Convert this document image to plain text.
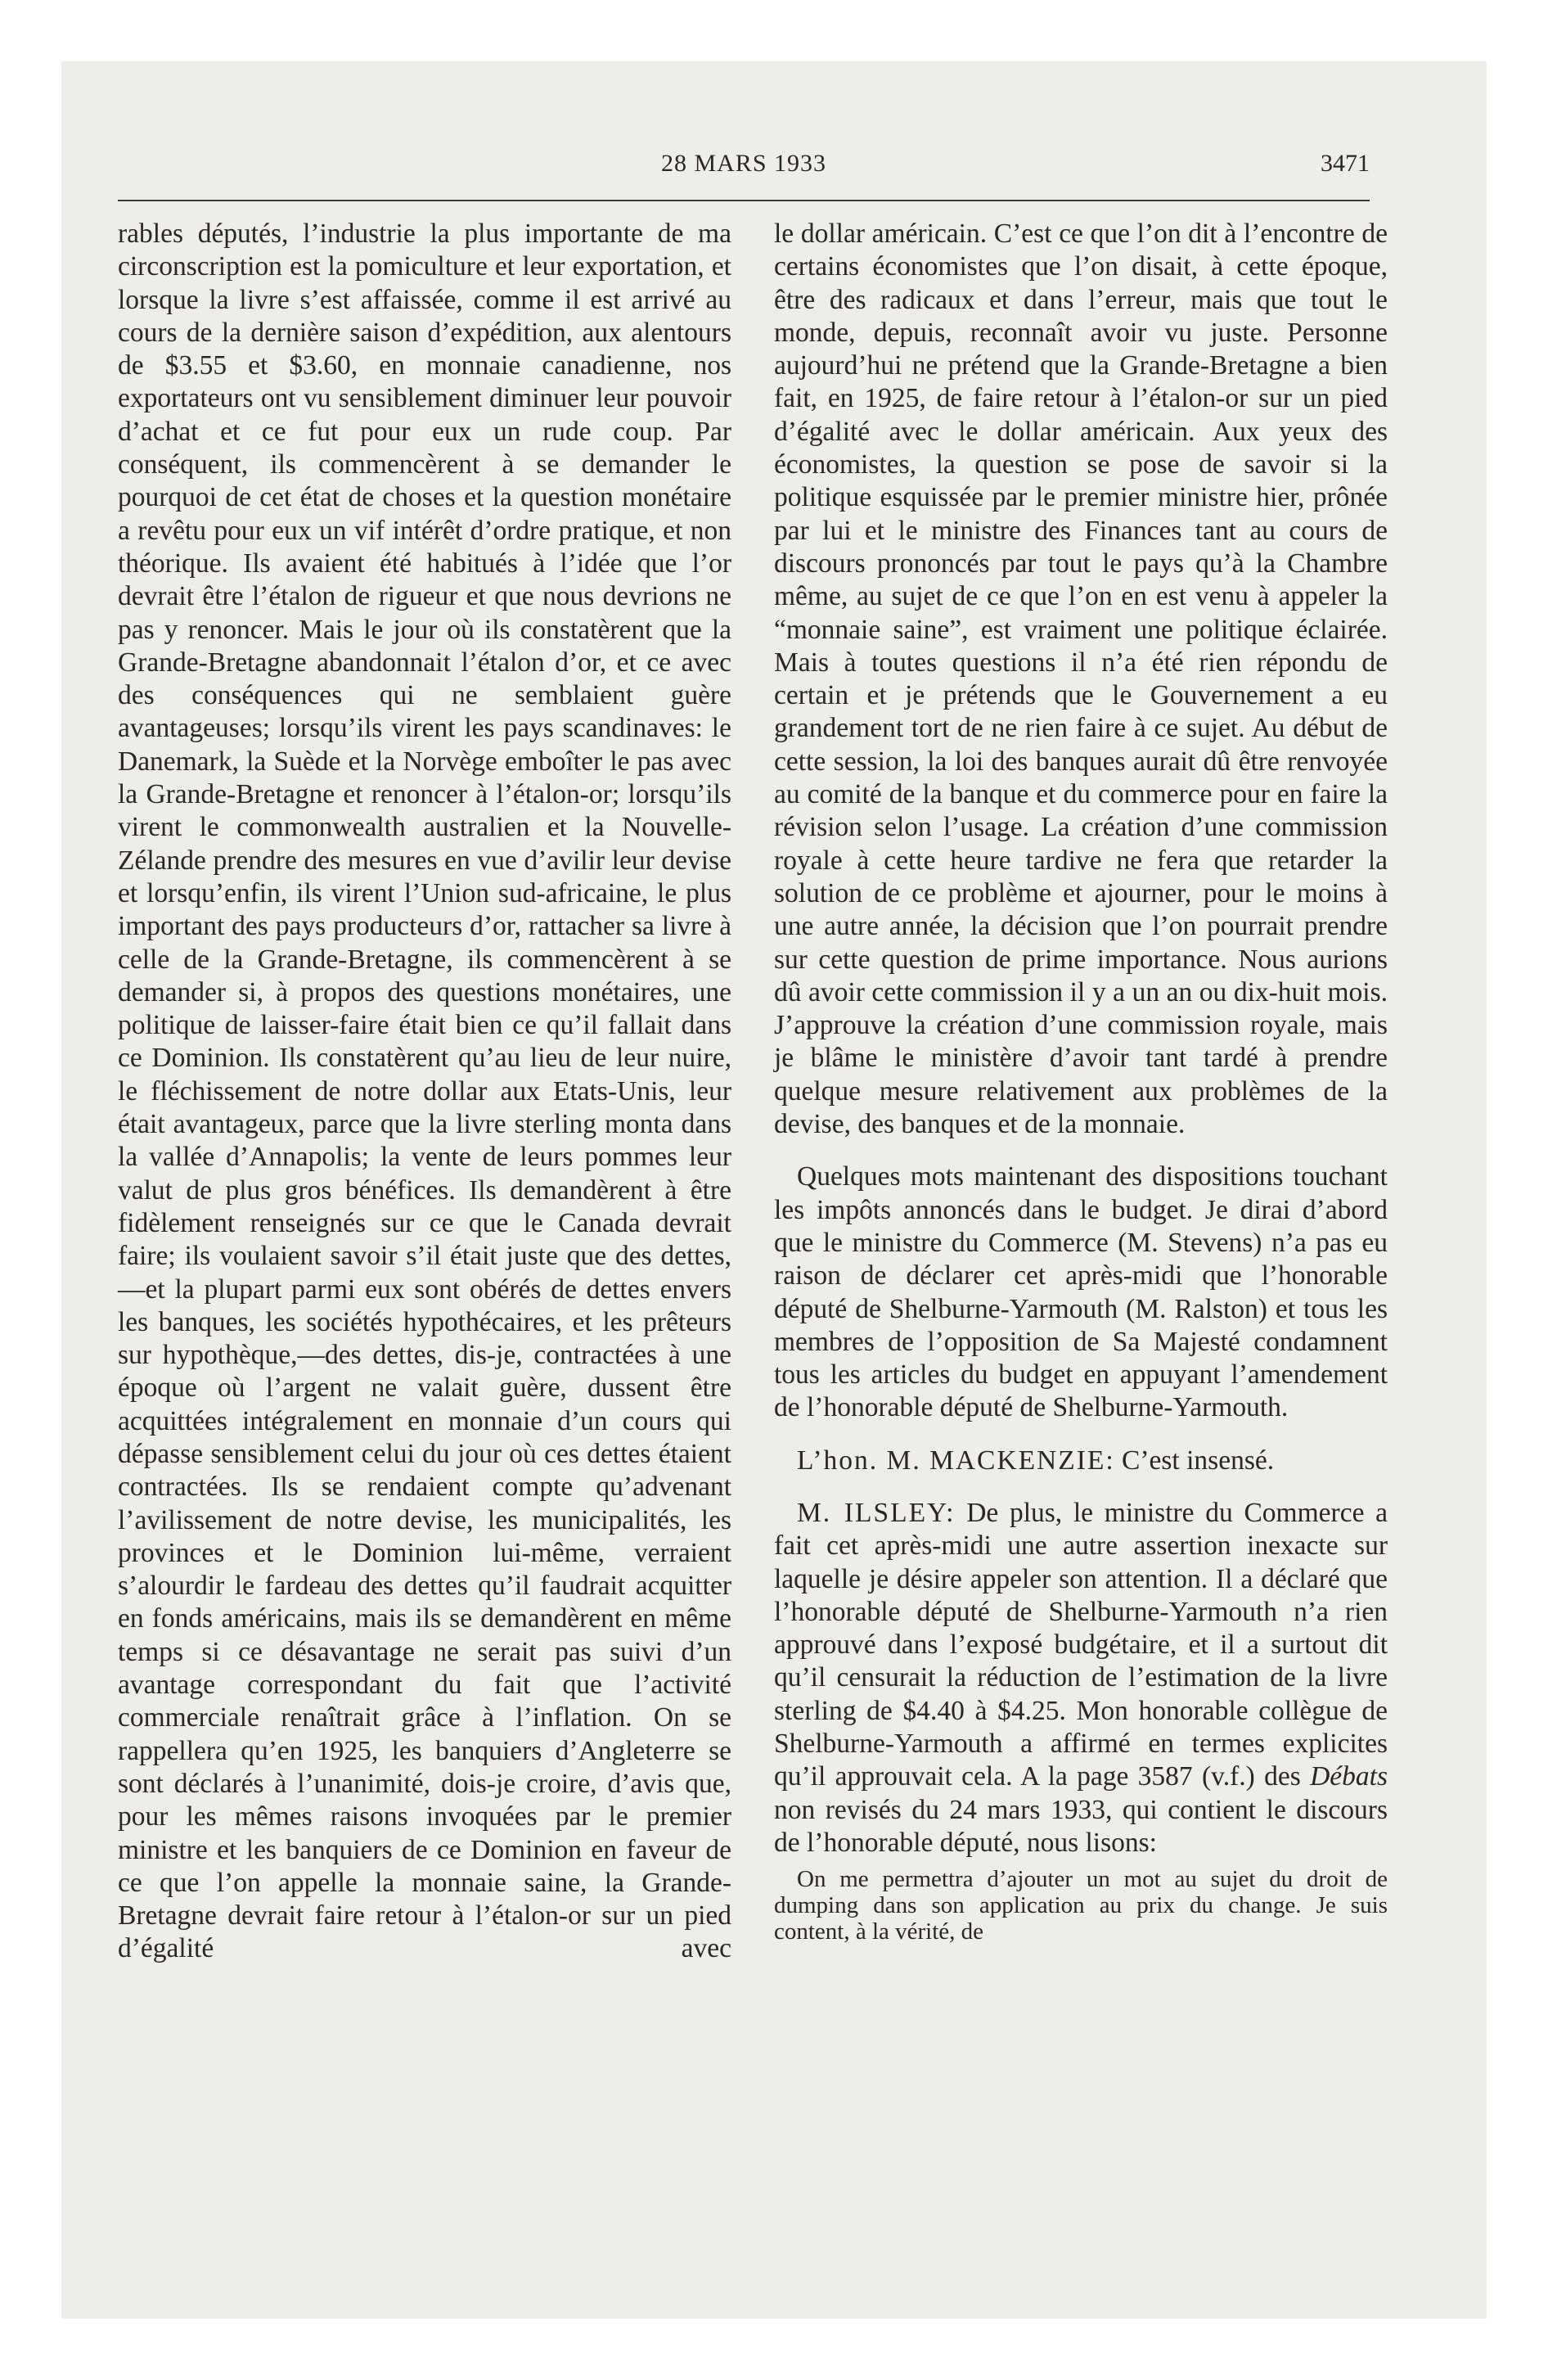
28 MARS 1933	3471

rables députés, l’industrie la plus importante de ma circonscription est la pomiculture et leur exportation, et lorsque la livre s’est affaissée, comme il est arrivé au cours de la dernière saison d’expédition, aux alentours de $3.55 et $3.60, en monnaie canadienne, nos exportateurs ont vu sensiblement diminuer leur pouvoir d’achat et ce fut pour eux un rude coup. Par conséquent, ils commencèrent à se demander le pourquoi de cet état de choses et la question monétaire a revêtu pour eux un vif intérêt d’ordre pratique, et non théorique. Ils avaient été habitués à l’idée que l’or devrait être l’étalon de rigueur et que nous devrions ne pas y renoncer. Mais le jour où ils constatèrent que la Grande-Bretagne abandonnait l’étalon d’or, et ce avec des conséquences qui ne semblaient guère avantageuses; lorsqu’ils virent les pays scandinaves: le Danemark, la Suède et la Norvège emboîter le pas avec la Grande-Bretagne et renoncer à l’étalon-or; lorsqu’ils virent le commonwealth australien et la Nouvelle-Zélande prendre des mesures en vue d’avilir leur devise et lorsqu’enfin, ils virent l’Union sud-africaine, le plus important des pays producteurs d’or, rattacher sa livre à celle de la Grande-Bretagne, ils commencèrent à se demander si, à propos des questions monétaires, une politique de laisser-faire était bien ce qu’il fallait dans ce Dominion. Ils constatèrent qu’au lieu de leur nuire, le fléchissement de notre dollar aux Etats-Unis, leur était avantageux, parce que la livre sterling monta dans la vallée d’Annapolis; la vente de leurs pommes leur valut de plus gros bénéfices. Ils demandèrent à être fidèlement renseignés sur ce que le Canada devrait faire; ils voulaient savoir s’il était juste que des dettes,—et la plupart parmi eux sont obérés de dettes envers les banques, les sociétés hypothécaires, et les prêteurs sur hypothèque,—des dettes, dis-je, contractées à une époque où l’argent ne valait guère, dussent être acquittées intégralement en monnaie d’un cours qui dépasse sensiblement celui du jour où ces dettes étaient contractées. Ils se rendaient compte qu’advenant l’avilissement de notre devise, les municipalités, les provinces et le Dominion lui-même, verraient s’alourdir le fardeau des dettes qu’il faudrait acquitter en fonds américains, mais ils se demandèrent en même temps si ce désavantage ne serait pas suivi d’un avantage correspondant du fait que l’activité commerciale renaîtrait grâce à l’inflation. On se rappellera qu’en 1925, les banquiers d’Angleterre se sont déclarés à l’unanimité, dois-je croire, d’avis que, pour les mêmes raisons invoquées par le premier ministre et les banquiers de ce Dominion en faveur de ce que l’on appelle la monnaie saine, la Grande-Bretagne devrait faire retour à l’étalon-or sur un pied d’égalité avec

le dollar américain. C’est ce que l’on dit à l’encontre de certains économistes que l’on disait, à cette époque, être des radicaux et dans l’erreur, mais que tout le monde, depuis, reconnaît avoir vu juste. Personne aujourd’hui ne prétend que la Grande-Bretagne a bien fait, en 1925, de faire retour à l’étalon-or sur un pied d’égalité avec le dollar américain. Aux yeux des économistes, la question se pose de savoir si la politique esquissée par le premier ministre hier, prônée par lui et le ministre des Finances tant au cours de discours prononcés par tout le pays qu’à la Chambre même, au sujet de ce que l’on en est venu à appeler la “monnaie saine”, est vraiment une politique éclairée. Mais à toutes questions il n’a été rien répondu de certain et je prétends que le Gouvernement a eu grandement tort de ne rien faire à ce sujet. Au début de cette session, la loi des banques aurait dû être renvoyée au comité de la banque et du commerce pour en faire la révision selon l’usage. La création d’une commission royale à cette heure tardive ne fera que retarder la solution de ce problème et ajourner, pour le moins à une autre année, la décision que l’on pourrait prendre sur cette question de prime importance. Nous aurions dû avoir cette commission il y a un an ou dix-huit mois. J’approuve la création d’une commission royale, mais je blâme le ministère d’avoir tant tardé à prendre quelque mesure relativement aux problèmes de la devise, des banques et de la monnaie.

Quelques mots maintenant des dispositions touchant les impôts annoncés dans le budget. Je dirai d’abord que le ministre du Commerce (M. Stevens) n’a pas eu raison de déclarer cet après-midi que l’honorable député de Shelburne-Yarmouth (M. Ralston) et tous les membres de l’opposition de Sa Majesté condamnent tous les articles du budget en appuyant l’amendement de l’honorable député de Shelburne-Yarmouth.

L’hon. M. MACKENZIE: C’est insensé.

M. ILSLEY: De plus, le ministre du Commerce a fait cet après-midi une autre assertion inexacte sur laquelle je désire appeler son attention. Il a déclaré que l’honorable député de Shelburne-Yarmouth n’a rien approuvé dans l’exposé budgétaire, et il a surtout dit qu’il censurait la réduction de l’estimation de la livre sterling de $4.40 à $4.25. Mon honorable collègue de Shelburne-Yarmouth a affirmé en termes explicites qu’il approuvait cela. A la page 3587 (v.f.) des Débats non revisés du 24 mars 1933, qui contient le discours de l’honorable député, nous lisons:

On me permettra d’ajouter un mot au sujet du droit de dumping dans son application au prix du change. Je suis content, à la vérité, de
